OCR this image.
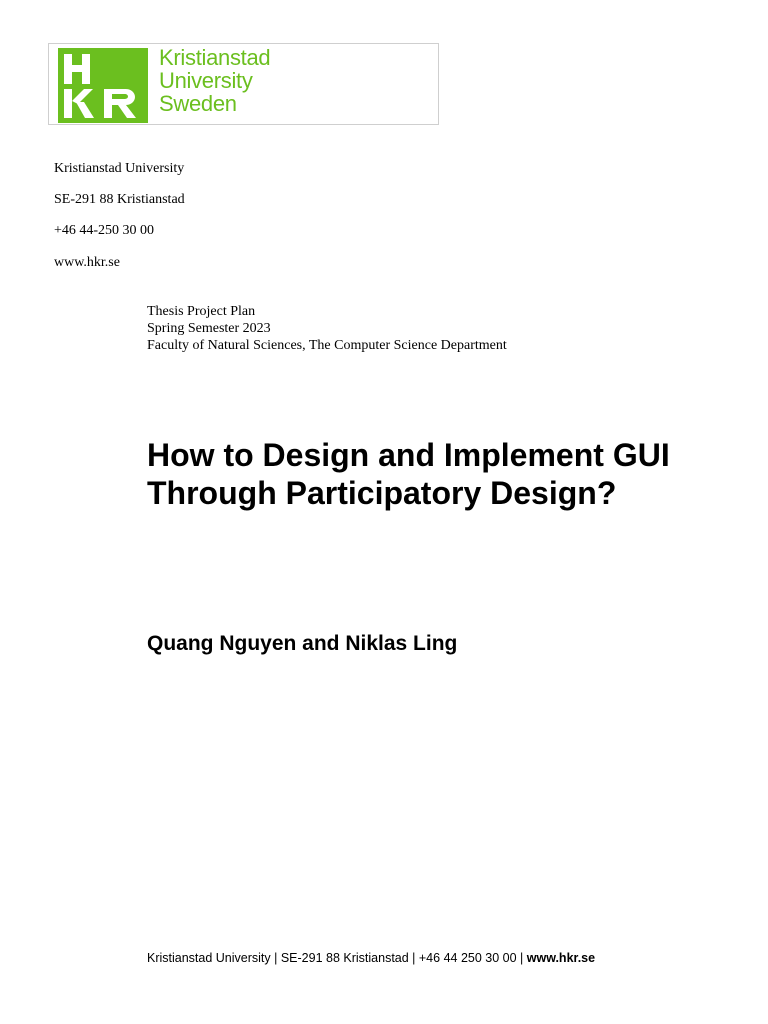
Kristianstad
University
Sweden
Kristianstad University
SE-291 88 Kristianstad
+46 44-250 30 00
www.hkr.se
Thesis Project Plan
Spring Semester 2023
Faculty of Natural Sciences, The Computer Science Department
How to Design and Implement GUI Through Participatory Design?
Quang Nguyen and Niklas Ling
Kristianstad University | SE-291 88 Kristianstad | +46 44 250 30 00 | www.hkr.se
